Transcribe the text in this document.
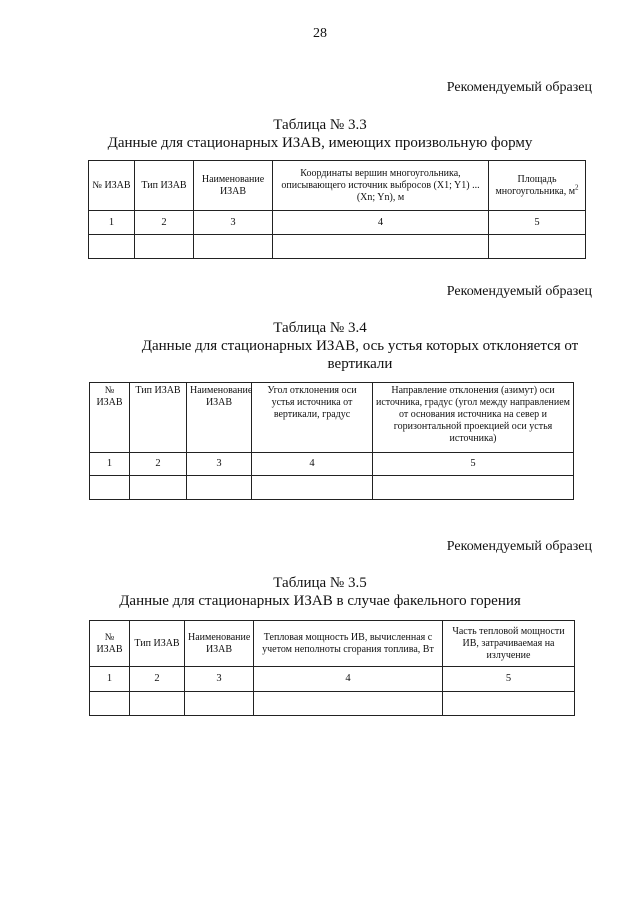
28
Рекомендуемый образец
Таблица № 3.3
Данные для стационарных ИЗАВ, имеющих произвольную форму
№ ИЗАВ	Тип ИЗАВ	Наименование ИЗАВ	Координаты вершин многоугольника, описывающего источник выбросов (X1; Y1) ... (Xn; Yn), м	Площадь многоугольника, $м^2$
1	2	3	4	5

Рекомендуемый образец
Таблица № 3.4
Данные для стационарных ИЗАВ, ось устья которых отклоняется от вертикали
№ ИЗАВ	Тип ИЗАВ	Наименование ИЗАВ	Угол отклонения оси устья источника от вертикали, градус	Направление отклонения (азимут) оси источника, градус (угол между направлением от основания источника на север и горизонтальной проекцией оси устья источника)
1	2	3	4	5

Рекомендуемый образец
Таблица № 3.5
Данные для стационарных ИЗАВ в случае факельного горения
№ ИЗАВ	Тип ИЗАВ	Наименование ИЗАВ	Тепловая мощность ИВ, вычисленная с учетом неполноты сгорания топлива, Вт	Часть тепловой мощности ИВ, затрачиваемая на излучение
1	2	3	4	5
